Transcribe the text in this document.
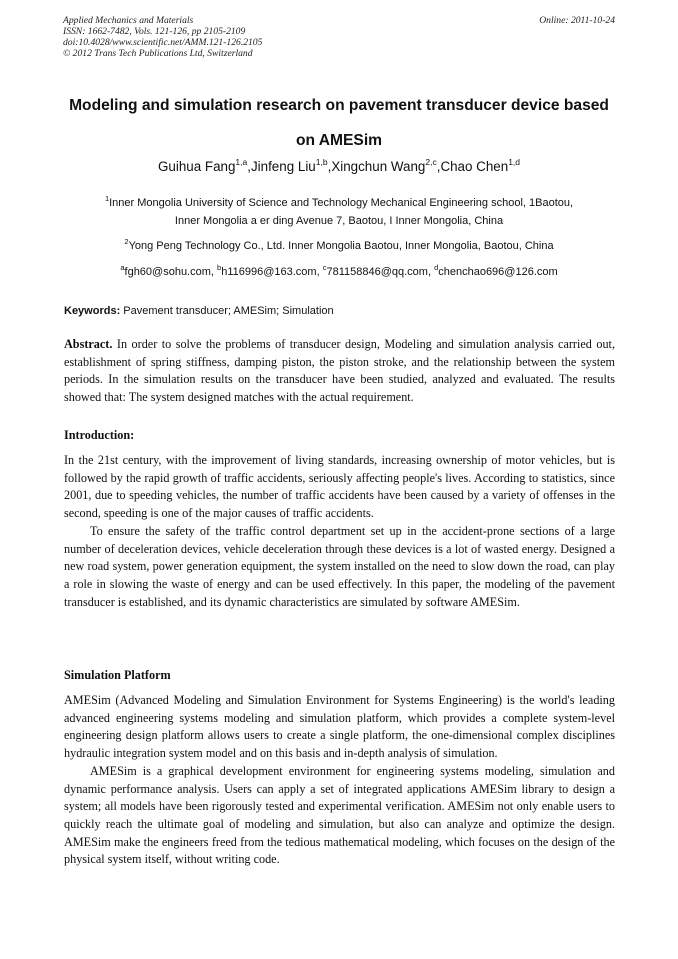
Applied Mechanics and Materials
ISSN: 1662-7482, Vols. 121-126, pp 2105-2109
doi:10.4028/www.scientific.net/AMM.121-126.2105
© 2012 Trans Tech Publications Ltd, Switzerland
Online: 2011-10-24
Modeling and simulation research on pavement transducer device based
on AMESim
Guihua Fang$^{1,a}$,Jinfeng Liu$^{1,b}$,Xingchun Wang$^{2,c}$,Chao Chen$^{1,d}$
$^1$Inner Mongolia University of Science and Technology Mechanical Engineering school, 1Baotou,
Inner Mongolia a er ding Avenue 7, Baotou, I Inner Mongolia, China
$^2$Yong Peng Technology Co., Ltd. Inner Mongolia Baotou, Inner Mongolia, Baotou, China
$^a$fgh60@sohu.com, $^b$h116996@163.com, $^c$781158846@qq.com, $^d$chenchao696@126.com
Keywords: Pavement transducer; AMESim; Simulation

Abstract. In order to solve the problems of transducer design, Modeling and simulation analysis carried out, establishment of spring stiffness, damping piston, the piston stroke, and the relationship between the system periods. In the simulation results on the transducer have been studied, analyzed and evaluated. The results showed that: The system designed matches with the actual requirement.

Introduction:

In the 21st century, with the improvement of living standards, increasing ownership of motor vehicles, but is followed by the rapid growth of traffic accidents, seriously affecting people's lives. According to statistics, since 2001, due to speeding vehicles, the number of traffic accidents have been caused by a variety of offenses in the second, speeding is one of the major causes of traffic accidents.

To ensure the safety of the traffic control department set up in the accident-prone sections of a large number of deceleration devices, vehicle deceleration through these devices is a lot of wasted energy. Designed a new road system, power generation equipment, the system installed on the need to slow down the road, can play a role in slowing the waste of energy and can be used effectively. In this paper, the modeling of the pavement transducer is established, and its dynamic characteristics are simulated by software AMESim.

Simulation Platform

AMESim (Advanced Modeling and Simulation Environment for Systems Engineering) is the world's leading advanced engineering systems modeling and simulation platform, which provides a complete system-level engineering design platform allows users to create a single platform, the one-dimensional complex disciplines hydraulic integration system model and on this basis and in-depth analysis of simulation.

AMESim is a graphical development environment for engineering systems modeling, simulation and dynamic performance analysis. Users can apply a set of integrated applications AMESim library to design a system; all models have been rigorously tested and experimental verification. AMESim not only enable users to quickly reach the ultimate goal of modeling and simulation, but also can analyze and optimize the design. AMESim make the engineers freed from the tedious mathematical modeling, which focuses on the design of the physical system itself, without writing code.
